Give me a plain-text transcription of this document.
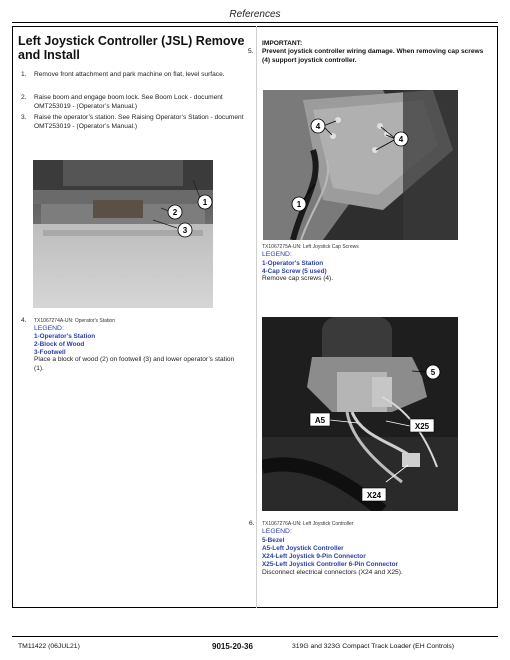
References
Left Joystick Controller (JSL) Remove and Install
1. Remove front attachment and park machine on flat, level surface.
2. Raise boom and engage boom lock. See Boom Lock - document OMT253019 - (Operator’s Manual.)
3. Raise the operator’s station. See Raising Operator’s Station - document OMT253019 - (Operator’s Manual.)
1
2
3
4.	TX1067274A-UN: Operator's Station
LEGEND:
1-Operator's Station
2-Block of Wood
3-Footwell
Place a block of wood (2) on footwell (3) and lower operator’s station (1).
IMPORTANT:
5. Prevent joystick controller wiring damage. When removing cap screws (4) support joystick controller.
4
4
1
TX1067275A-UN: Left Joystick Cap Screws
LEGEND:
1-Operator's Station
4-Cap Screw (5 used)
Remove cap screws (4).
5
A5
X25
X24
6.	TX1067276A-UN: Left Joystick Controller
LEGEND:
5-Bezel
A5-Left Joystick Controller
X24-Left Joystick 9-Pin Connector
X25-Left Joystick Controller 6-Pin Connector
Disconnect electrical connectors (X24 and X25).
TM11422 (06JUL21)	9015-20-36	319G and 323G Compact Track Loader (EH Controls)
